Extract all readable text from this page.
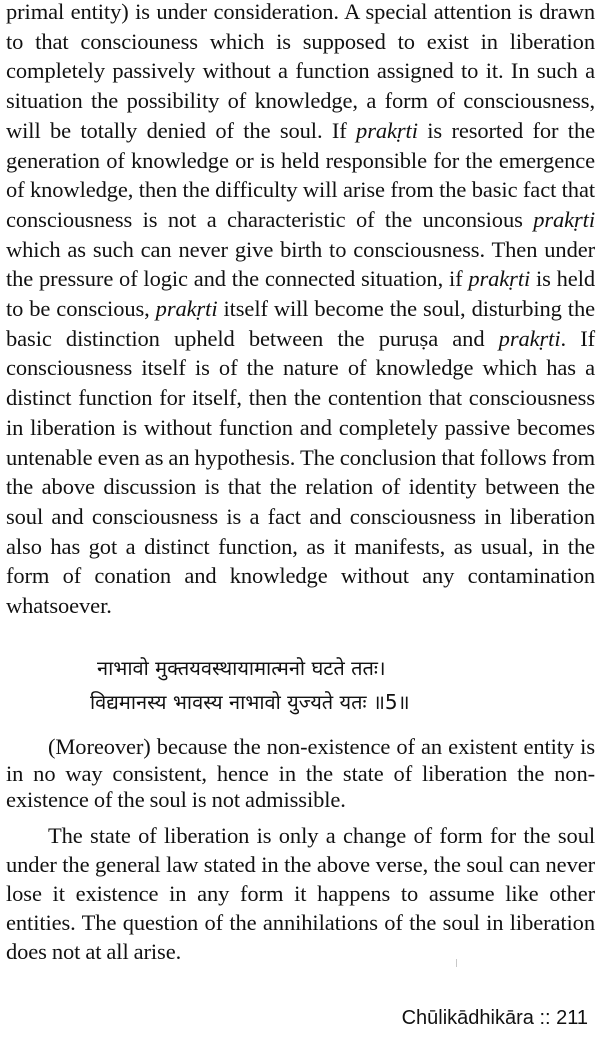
primal entity) is under consideration. A special attention is drawn to that consciouness which is supposed to exist in liberation completely passively without a function assigned to it. In such a situation the possibility of knowledge, a form of consciousness, will be totally denied of the soul. If prakṛti is resorted for the generation of knowledge or is held responsible for the emergence of knowledge, then the difficulty will arise from the basic fact that consciousness is not a characteristic of the unconsious prakṛti which as such can never give birth to consciousness. Then under the pressure of logic and the connected situation, if prakṛti is held to be conscious, prakṛti itself will become the soul, disturbing the basic distinction upheld between the puruṣa and prakṛti. If consciousness itself is of the nature of knowledge which has a distinct function for itself, then the contention that consciousness in liberation is without function and completely passive becomes untenable even as an hypothesis. The conclusion that follows from the above discussion is that the relation of identity between the soul and consciousness is a fact and consciousness in liberation also has got a distinct function, as it manifests, as usual, in the form of conation and knowledge without any contamination whatsoever.

नाभावो मुक्तयवस्थायामात्मनो घटते ततः।
विद्यमानस्य भावस्य नाभावो युज्यते यतः ॥5॥

(Moreover) because the non-existence of an existent entity is in no way consistent, hence in the state of liberation the non-existence of the soul is not admissible.

The state of liberation is only a change of form for the soul under the general law stated in the above verse, the soul can never lose it existence in any form it happens to assume like other entities. The question of the annihilations of the soul in liberation does not at all arise.

Chūlikādhikāra :: 211
